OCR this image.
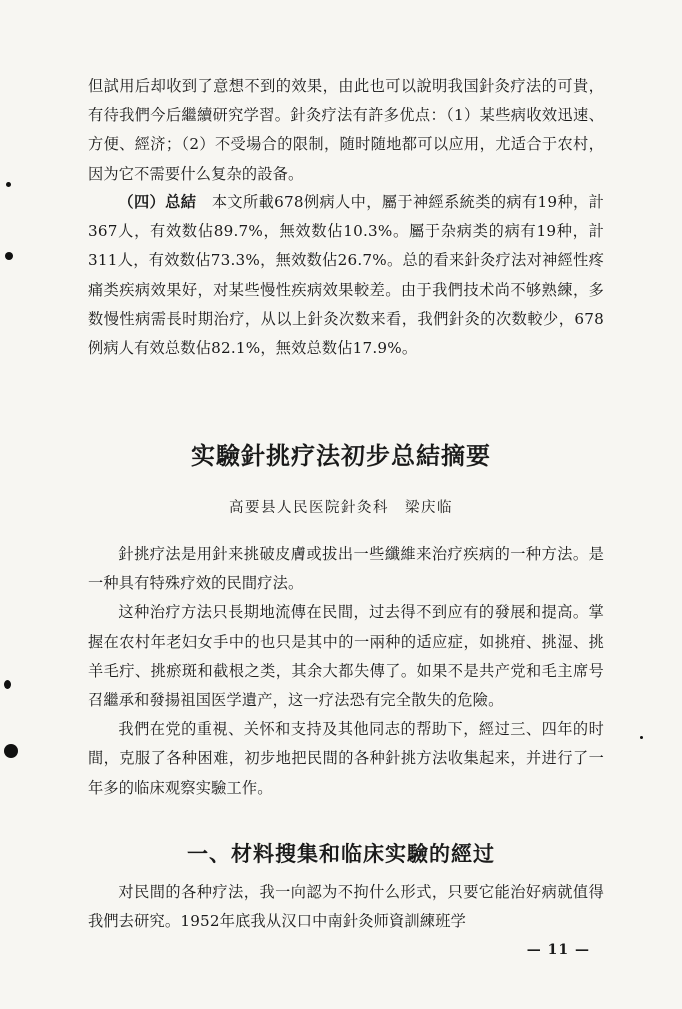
但試用后却收到了意想不到的效果，由此也可以說明我国針灸疗法的可貴，有待我們今后繼續研究学習。針灸疗法有許多优点：（1）某些病收效迅速、方便、經济；（2）不受場合的限制，随时随地都可以应用，尤适合于农村，因为它不需要什么复杂的設备。

（四）总結　 本文所載678例病人中，屬于神經系統类的病有19种，計367人，有效数佔89.7%，無效数佔10.3%。屬于杂病类的病有19种，計311人，有效数佔73.3%，無效数佔26.7%。总的看来針灸疗法对神經性疼痛类疾病效果好，对某些慢性疾病效果較差。由于我們技术尚不够熟練，多数慢性病需長时期治疗，从以上針灸次数来看，我們針灸的次数較少，678例病人有效总数佔82.1%，無效总数佔17.9%。

实驗針挑疗法初步总結摘要

高要县人民医院針灸科　梁庆临

針挑疗法是用針来挑破皮膚或拔出一些纖維来治疗疾病的一种方法。是一种具有特殊疗效的民間疗法。

这种治疗方法只長期地流傳在民間，过去得不到应有的發展和提高。掌握在农村年老妇女手中的也只是其中的一兩种的适应症，如挑疳、挑湿、挑羊毛疔、挑瘀斑和截根之类，其余大都失傳了。如果不是共产党和毛主席号召繼承和發揚祖国医学遺产，这一疗法恐有完全散失的危險。

我們在党的重視、关怀和支持及其他同志的帮助下，經过三、四年的时間，克服了各种困难，初步地把民間的各种針挑方法收集起来，并进行了一年多的临床观察实驗工作。

一、材料搜集和临床实驗的經过

对民間的各种疗法，我一向認为不拘什么形式，只要它能治好病就值得我們去研究。1952年底我从汉口中南針灸师資訓練班学

— 11 —
